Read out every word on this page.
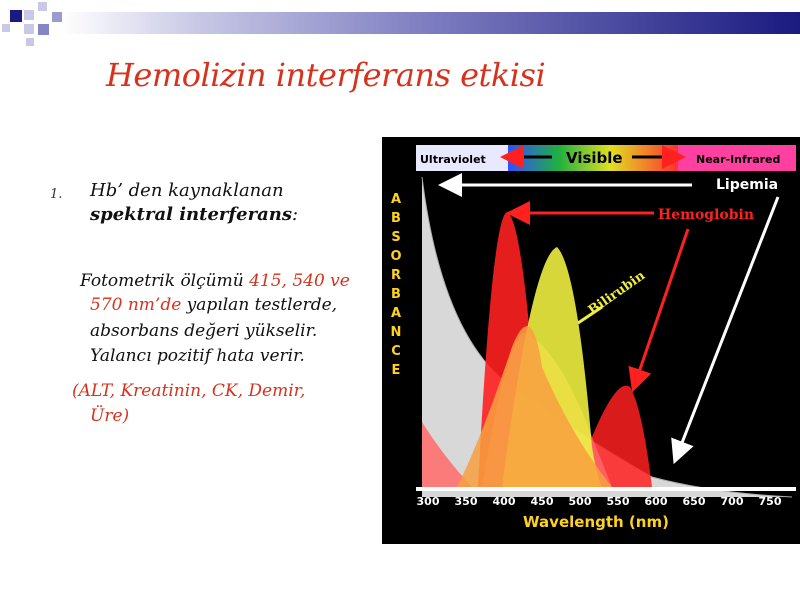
Hemolizin interferans etkisi
1. Hb’ den kaynaklanan
spektral interferans:
Fotometrik ölçümü 415, 540 ve
570 nm’de yapılan testlerde,
absorbans değeri yükselir.
Yalancı pozitif hata verir.
(ALT, Kreatinin, CK, Demir,
Üre)
Ultraviolet	Visible	Near-Infrared
Lipemia
Hemoglobin
Bilirubin
A
B
S
O
R
B
A
N
C
E
300 350 400 450 500 550 600 650 700 750
Wavelength (nm)
